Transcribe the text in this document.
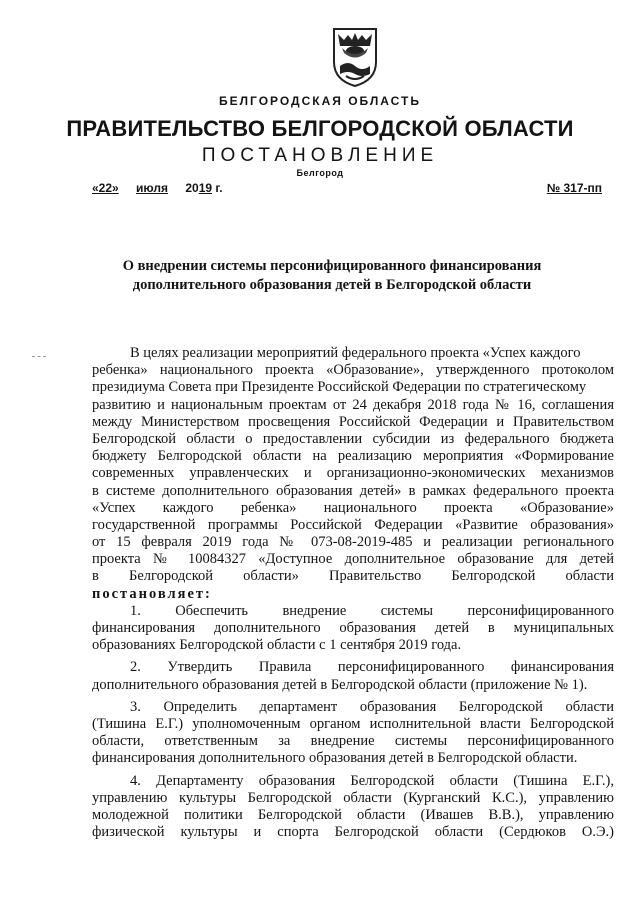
БЕЛГОРОДСКАЯ ОБЛАСТЬ
ПРАВИТЕЛЬСТВО БЕЛГОРОДСКОЙ ОБЛАСТИ
ПОСТАНОВЛЕНИЕ
Белгород
«22» июля 2019 г.	№ 317-пп
О внедрении системы персонифицированного финансирования
дополнительного образования детей в Белгородской области
В целях реализации мероприятий федерального проекта «Успех каждого
ребенка» национального проекта «Образование», утвержденного протоколом
президиума Совета при Президенте Российской Федерации по стратегическому
развитию и национальным проектам от 24 декабря 2018 года № 16, соглашения
между Министерством просвещения Российской Федерации и Правительством
Белгородской области о предоставлении субсидии из федерального бюджета
бюджету Белгородской области на реализацию мероприятия «Формирование
современных управленческих и организационно-экономических механизмов
в системе дополнительного образования детей» в рамках федерального проекта
«Успех каждого ребенка» национального проекта «Образование»
государственной программы Российской Федерации «Развитие образования»
от 15 февраля 2019 года № 073-08-2019-485 и реализации регионального
проекта № 10084327 «Доступное дополнительное образование для детей
в Белгородской области» Правительство Белгородской области
постановляет:
1. Обеспечить внедрение системы персонифицированного
финансирования дополнительного образования детей в муниципальных
образованиях Белгородской области с 1 сентября 2019 года.
2. Утвердить Правила персонифицированного финансирования
дополнительного образования детей в Белгородской области (приложение № 1).
3. Определить департамент образования Белгородской области
(Тишина Е.Г.) уполномоченным органом исполнительной власти Белгородской
области, ответственным за внедрение системы персонифицированного
финансирования дополнительного образования детей в Белгородской области.
4. Департаменту образования Белгородской области (Тишина Е.Г.),
управлению культуры Белгородской области (Курганский К.С.), управлению
молодежной политики Белгородской области (Ивашев В.В.), управлению
физической культуры и спорта Белгородской области (Сердюков О.Э.)
